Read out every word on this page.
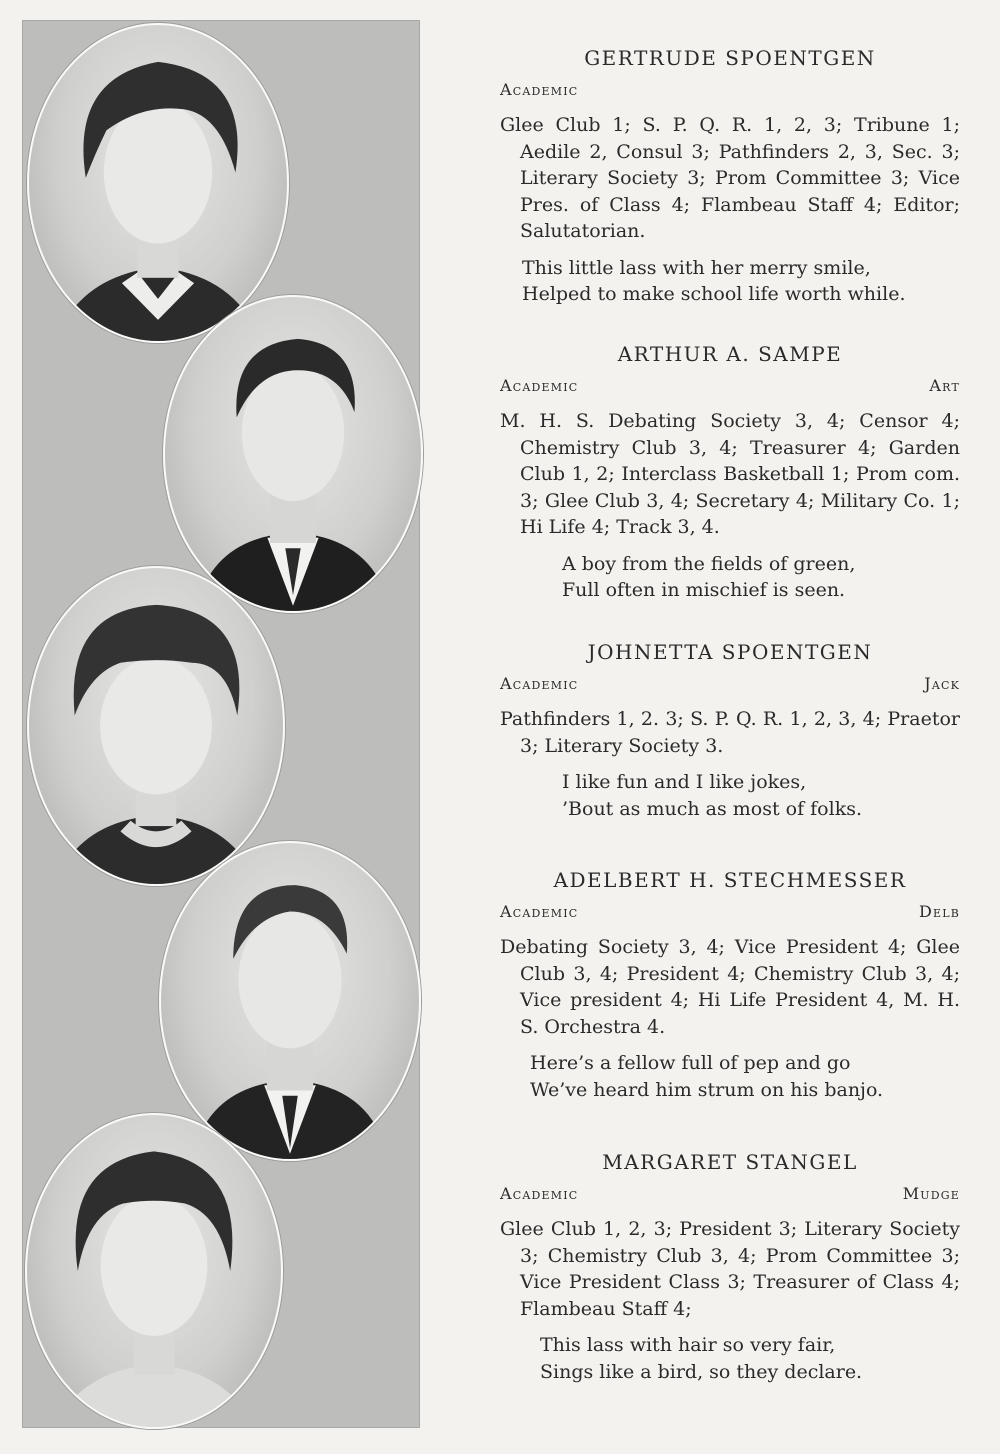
GERTRUDE SPOENTGEN
Academic
Glee Club 1; S. P. Q. R. 1, 2, 3; Tribune 1; Aedile 2, Consul 3; Pathfinders 2, 3, Sec. 3; Literary Society 3; Prom Committee 3; Vice Pres. of Class 4; Flambeau Staff 4; Editor; Salutatorian.
This little lass with her merry smile,
Helped to make school life worth while.
ARTHUR A. SAMPE
Academic	Art
M. H. S. Debating Society 3, 4; Censor 4; Chemistry Club 3, 4; Treasurer 4; Garden Club 1, 2; Interclass Basketball 1; Prom com. 3; Glee Club 3, 4; Secretary 4; Military Co. 1; Hi Life 4; Track 3, 4.
A boy from the fields of green,
Full often in mischief is seen.
JOHNETTA SPOENTGEN
Academic	Jack
Pathfinders 1, 2. 3; S. P. Q. R. 1, 2, 3, 4; Praetor 3; Literary Society 3.
I like fun and I like jokes,
’Bout as much as most of folks.
ADELBERT H. STECHMESSER
Academic	Delb
Debating Society 3, 4; Vice President 4; Glee Club 3, 4; President 4; Chemistry Club 3, 4; Vice president 4; Hi Life President 4, M. H. S. Orchestra 4.
Here’s a fellow full of pep and go
We’ve heard him strum on his banjo.
MARGARET STANGEL
Academic	Mudge
Glee Club 1, 2, 3; President 3; Literary Society 3; Chemistry Club 3, 4; Prom Committee 3; Vice President Class 3; Treasurer of Class 4; Flambeau Staff 4;
This lass with hair so very fair,
Sings like a bird, so they declare.
